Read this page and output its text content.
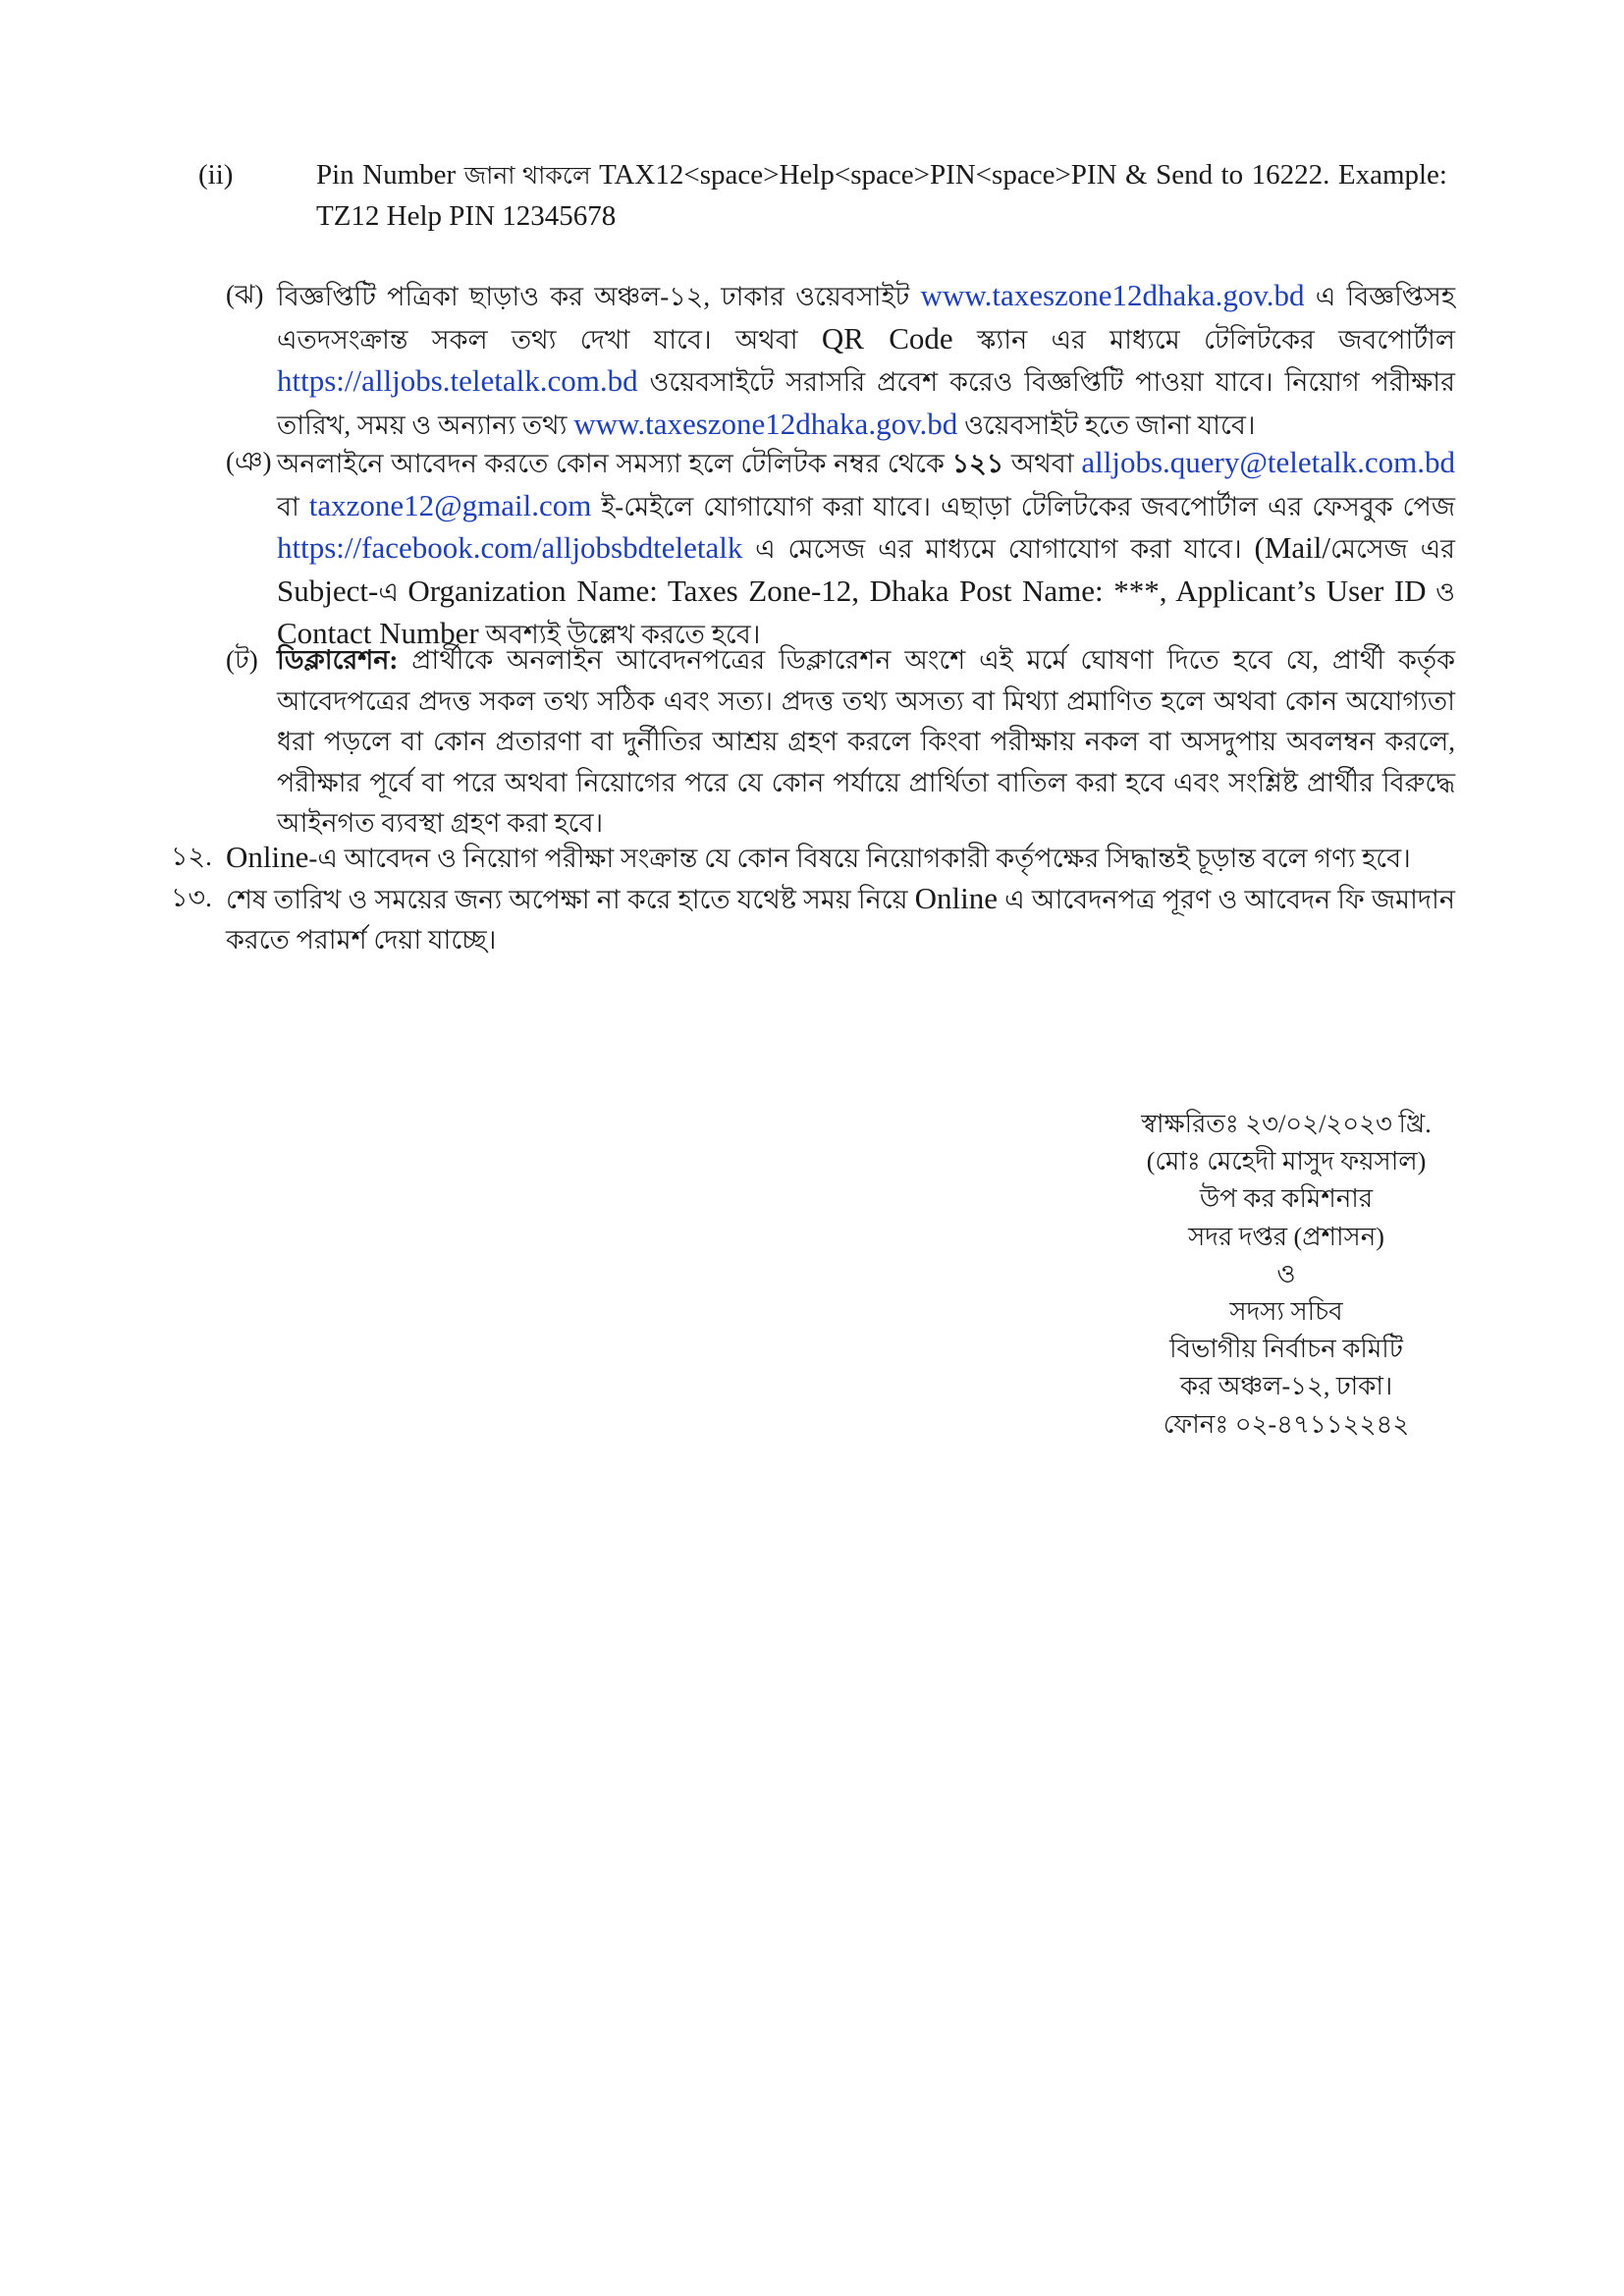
(ii)	Pin Number জানা থাকলে TAX12<space>Help<space>PIN<space>PIN & Send to 16222. Example: TZ12 Help PIN 12345678
(ঝ) বিজ্ঞপ্তিটি পত্রিকা ছাড়াও কর অঞ্চল-১২, ঢাকার ওয়েবসাইট www.taxeszone12dhaka.gov.bd এ বিজ্ঞপ্তিসহ এতদসংক্রান্ত সকল তথ্য দেখা যাবে। অথবা QR Code স্ক্যান এর মাধ্যমে টেলিটকের জবপোর্টাল https://alljobs.teletalk.com.bd ওয়েবসাইটে সরাসরি প্রবেশ করেও বিজ্ঞপ্তিটি পাওয়া যাবে। নিয়োগ পরীক্ষার তারিখ, সময় ও অন্যান্য তথ্য www.taxeszone12dhaka.gov.bd ওয়েবসাইট হতে জানা যাবে।
(ঞ) অনলাইনে আবেদন করতে কোন সমস্যা হলে টেলিটক নম্বর থেকে ১২১ অথবা alljobs.query@teletalk.com.bd বা taxzone12@gmail.com ই-মেইলে যোগাযোগ করা যাবে। এছাড়া টেলিটকের জবপোর্টাল এর ফেসবুক পেজ https://facebook.com/alljobsbdteletalk এ মেসেজ এর মাধ্যমে যোগাযোগ করা যাবে। (Mail/মেসেজ এর Subject-এ Organization Name: Taxes Zone-12, Dhaka Post Name: ***, Applicant’s User ID ও Contact Number অবশ্যই উল্লেখ করতে হবে।
(ট) ডিক্লারেশন: প্রার্থীকে অনলাইন আবেদনপত্রের ডিক্লারেশন অংশে এই মর্মে ঘোষণা দিতে হবে যে, প্রার্থী কর্তৃক আবেদপত্রের প্রদত্ত সকল তথ্য সঠিক এবং সত্য। প্রদত্ত তথ্য অসত্য বা মিথ্যা প্রমাণিত হলে অথবা কোন অযোগ্যতা ধরা পড়লে বা কোন প্রতারণা বা দুর্নীতির আশ্রয় গ্রহণ করলে কিংবা পরীক্ষায় নকল বা অসদুপায় অবলম্বন করলে, পরীক্ষার পূর্বে বা পরে অথবা নিয়োগের পরে যে কোন পর্যায়ে প্রার্থিতা বাতিল করা হবে এবং সংশ্লিষ্ট প্রার্থীর বিরুদ্ধে আইনগত ব্যবস্থা গ্রহণ করা হবে।
১২. Online-এ আবেদন ও নিয়োগ পরীক্ষা সংক্রান্ত যে কোন বিষয়ে নিয়োগকারী কর্তৃপক্ষের সিদ্ধান্তই চূড়ান্ত বলে গণ্য হবে।
১৩. শেষ তারিখ ও সময়ের জন্য অপেক্ষা না করে হাতে যথেষ্ট সময় নিয়ে Online এ আবেদনপত্র পূরণ ও আবেদন ফি জমাদান করতে পরামর্শ দেয়া যাচ্ছে।
স্বাক্ষরিতঃ ২৩/০২/২০২৩ খ্রি.
(মোঃ মেহেদী মাসুদ ফয়সাল)
উপ কর কমিশনার
সদর দপ্তর (প্রশাসন)
ও
সদস্য সচিব
বিভাগীয় নির্বাচন কমিটি
কর অঞ্চল-১২, ঢাকা।
ফোনঃ ০২-৪৭১১২২৪২
